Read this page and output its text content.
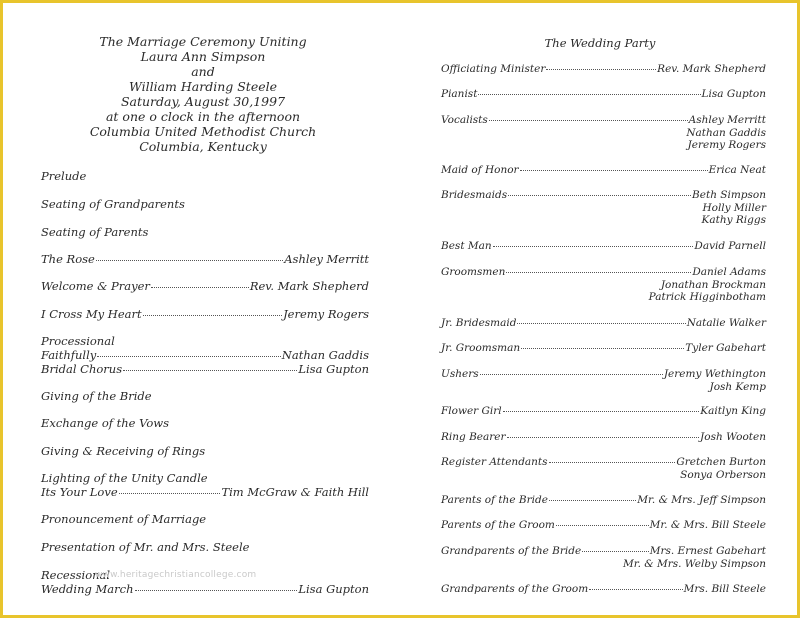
The Marriage Ceremony Uniting
Laura Ann Simpson
and
William Harding Steele
Saturday, August 30,1997
at one o clock in the afternoon
Columbia United Methodist Church
Columbia, Kentucky
Prelude
Seating of Grandparents
Seating of Parents
The Rose	Ashley Merritt
Welcome & Prayer	Rev. Mark Shepherd
I Cross My Heart	Jeremy Rogers
Processional
Faithfully	Nathan Gaddis
Bridal Chorus	Lisa Gupton
Giving of the Bride
Exchange of the Vows
Giving & Receiving of Rings
Lighting of the Unity Candle
Its Your Love	Tim McGraw & Faith Hill
Pronouncement of Marriage
Presentation of Mr. and Mrs. Steele
Recessional
Wedding March	Lisa Gupton
www.heritagechristiancollege.com
The Wedding Party
Officiating Minister	Rev. Mark Shepherd
Pianist	Lisa Gupton
Vocalists	Ashley Merritt
Nathan Gaddis
Jeremy Rogers
Maid of Honor	Erica Neat
Bridesmaids	Beth Simpson
Holly Miller
Kathy Riggs
Best Man	David Parnell
Groomsmen	Daniel Adams
Jonathan Brockman
Patrick Higginbotham
Jr. Bridesmaid	Natalie Walker
Jr. Groomsman	Tyler Gabehart
Ushers	Jeremy Wethington
Josh Kemp
Flower Girl	Kaitlyn King
Ring Bearer	Josh Wooten
Register Attendants	Gretchen Burton
Sonya Orberson
Parents of the Bride	Mr. & Mrs. Jeff Simpson
Parents of the Groom	Mr. & Mrs. Bill Steele
Grandparents of the Bride	Mrs. Ernest Gabehart
Mr. & Mrs. Welby Simpson
Grandparents of the Groom	Mrs. Bill Steele
